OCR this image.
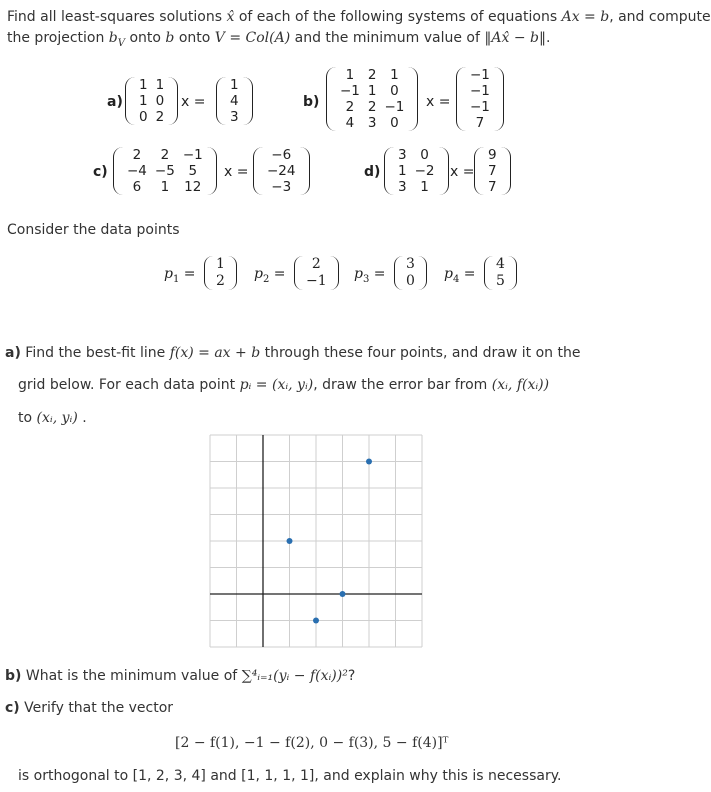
Find all least-squares solutions x̂ of each of the following systems of equations Ax = b, and compute
the projection $b_V$ onto b onto V = Col(A) and the minimum value of ‖Ax̂ − b‖.
a)
1	1
1	0
0	2
x =
1
4
3
b)
1	2	1
−1	1	0
2	2	−1
4	3	0
x =
−1
−1
−1
7
c)
2	2	−1
−4	−5	5
6	1	12
x =
−6
−24
−3
d)
3	0
1	−2
3	1
x =
9
7
7
Consider the data points
$p_1$ =
1
2 $p_2$ =
2
−1 $p_3$ =
3
0 $p_4$ =
4
5
a) Find the best-fit line f(x) = ax + b through these four points, and draw it on the
grid below. For each data point pᵢ = (xᵢ, yᵢ), draw the error bar from (xᵢ, f(xᵢ))
to (xᵢ, yᵢ) .
b) What is the minimum value of ∑⁴ᵢ₌₁(yᵢ − f(xᵢ))²?
c) Verify that the vector
[2 − f(1), −1 − f(2), 0 − f(3), 5 − f(4)]ᵀ
is orthogonal to [1, 2, 3, 4] and [1, 1, 1, 1], and explain why this is necessary.
